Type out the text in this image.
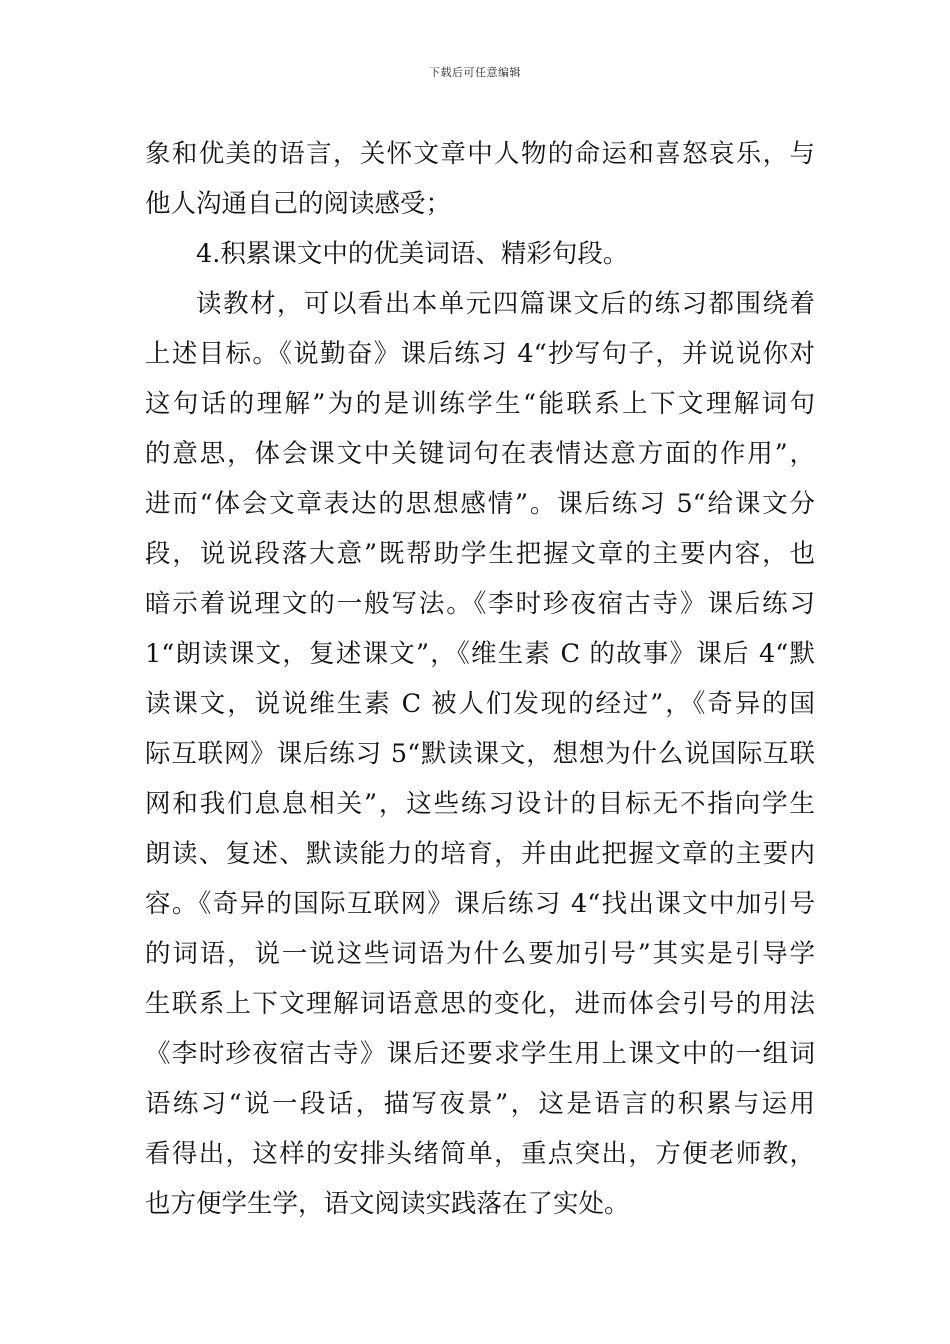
下载后可任意编辑
象和优美的语言，关怀文章中人物的命运和喜怒哀乐，与
他人沟通自己的阅读感受；
4.积累课文中的优美词语、精彩句段。
读教材，可以看出本单元四篇课文后的练习都围绕着
上述目标。《说勤奋》课后练习 4“抄写句子，并说说你对
这句话的理解”为的是训练学生“能联系上下文理解词句
的意思，体会课文中关键词句在表情达意方面的作用”，
进而“体会文章表达的思想感情”。课后练习 5“给课文分
段，说说段落大意”既帮助学生把握文章的主要内容，也
暗示着说理文的一般写法。《李时珍夜宿古寺》课后练习
1“朗读课文，复述课文”，《维生素 C 的故事》课后 4“默
读课文，说说维生素 C 被人们发现的经过”，《奇异的国
际互联网》课后练习 5“默读课文，想想为什么说国际互联
网和我们息息相关”，这些练习设计的目标无不指向学生
朗读、复述、默读能力的培育，并由此把握文章的主要内
容。《奇异的国际互联网》课后练习 4“找出课文中加引号
的词语，说一说这些词语为什么要加引号”其实是引导学
生联系上下文理解词语意思的变化，进而体会引号的用法
《李时珍夜宿古寺》课后还要求学生用上课文中的一组词
语练习“说一段话，描写夜景”，这是语言的积累与运用
看得出，这样的安排头绪简单，重点突出，方便老师教，
也方便学生学，语文阅读实践落在了实处。
